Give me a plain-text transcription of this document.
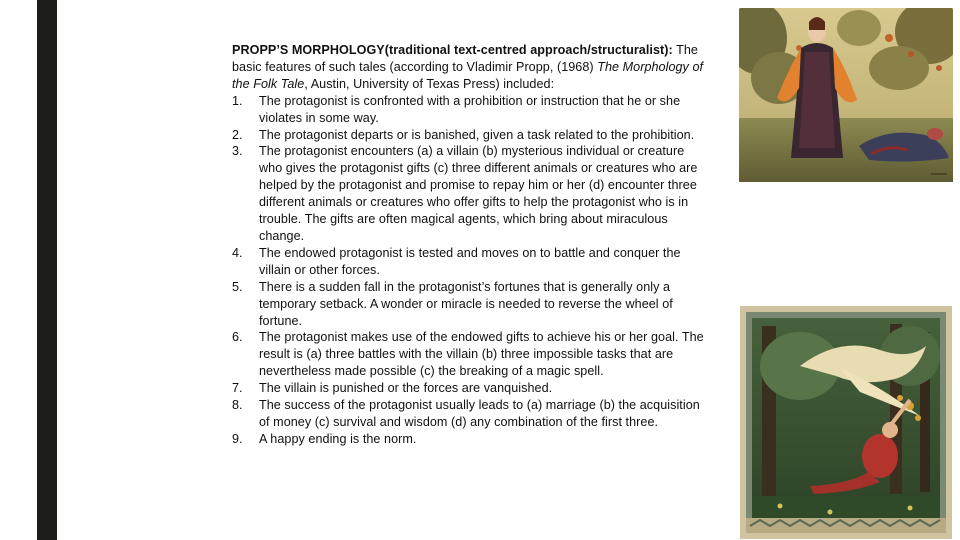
PROPP’S MORPHOLOGY(traditional text-centred approach/structuralist): The basic features of such tales (according to Vladimir Propp, (1968) The Morphology of the Folk Tale, Austin, University of Texas Press) included:

1. The protagonist is confronted with a prohibition or instruction that he or she violates in some way.
2. The protagonist departs or is banished, given a task related to the prohibition.
3. The protagonist encounters (a) a villain (b) mysterious individual or creature who gives the protagonist gifts (c) three different animals or creatures who are helped by the protagonist and promise to repay him or her (d) encounter three different animals or creatures who offer gifts to help the protagonist who is in trouble. The gifts are often magical agents, which bring about miraculous change.
4. The endowed protagonist is tested and moves on to battle and conquer the villain or other forces.
5. There is a sudden fall in the protagonist’s fortunes that is generally only a temporary setback. A wonder or miracle is needed to reverse the wheel of fortune.
6. The protagonist makes use of the endowed gifts to achieve his or her goal. The result is (a) three battles with the villain (b) three impossible tasks that are nevertheless made possible (c) the breaking of a magic spell.
7. The villain is punished or the forces are vanquished.
8. The success of the protagonist usually leads to (a) marriage (b) the acquisition of money (c) survival and wisdom (d) any combination of the first three.
9. A happy ending is the norm.
